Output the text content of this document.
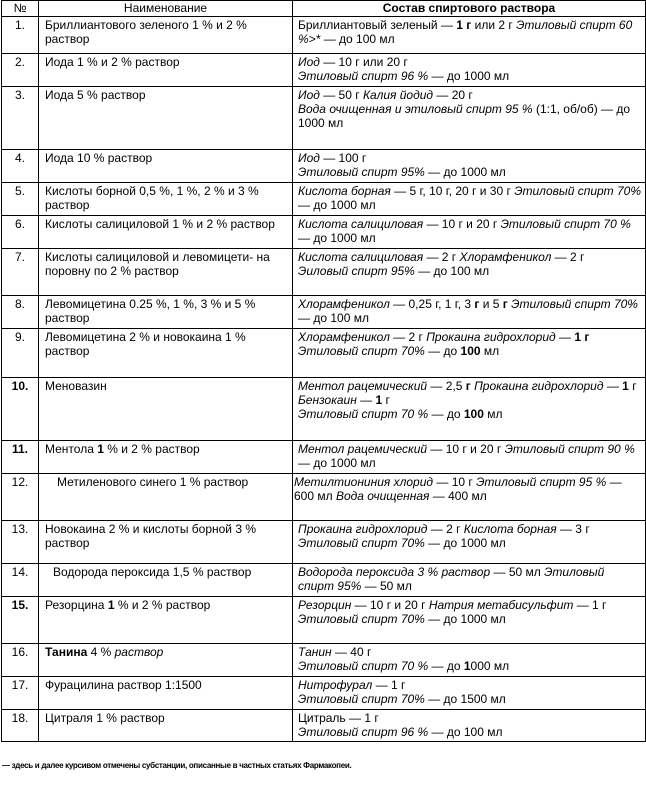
№	Наименование	Состав спиртового раствора
1.	Бриллиантового зеленого 1 % и 2 % раствор	Бриллиантовый зеленый — 1 г или 2 г Этиловый спирт 60 %>* — до 100 мл
2.	Иода 1 % и 2 % раствор	Иод — 10 г или 20 г
Этиловый спирт 96 % — до 1000 мл
3.	Иода 5 % раствор	Иод — 50 г Калия йодид — 20 г
Вода очищенная и этиловый спирт 95 % (1:1, об/об) — до 1000 мл
4.	Иода 10 % раствор	Иод — 100 г
Этиловый спирт 95% — до 1000 мл
5.	Кислоты борной 0,5 %, 1 %, 2 % и 3 % раствор	Кислота борная — 5 г, 10 г, 20 г и 30 г Этиловый спирт 70% — до 1000 мл
6.	Кислоты салициловой 1 % и 2 % раствор	Кислота салициловая — 10 г и 20 г Этиловый спирт 70 % — до 1000 мл
7.	Кислоты салициловой и левомицети- на поровну по 2 % раствор	Кислота салициловая — 2 г Хлорамфеникол — 2 г
Эиловый спирт 95% — до 100 мл
8.	Левомицетина 0.25 %, 1 %, 3 % и 5 % раствор	Хлорамфеникол — 0,25 г, 1 г, 3 г и 5 г Этиловый спирт 70% — до 100 мл
9.	Левомицетина 2 % и новокаина 1 % раствор	Хлорамфеникол — 2 г Прокаина гидрохлорид — 1 г
Этиловый спирт 70% — до 100 мл
10.	Меновазин	Ментол рацемический — 2,5 г Прокаина гидрохлорид — 1 г Бензокаин — 1 г
Этиловый спирт 70 % — до 100 мл
11.	Ментола 1 % и 2 % раствор	Ментол рацемический — 10 г и 20 г Этиловый спирт 90 % — до 1000 мл
12.	Метиленового синего 1 % раствор	Метилтиониния хлорид — 10 г Этиловый спирт 95 % — 600 мл Вода очищенная — 400 мл
13.	Новокаина 2 % и кислоты борной 3 % раствор	Прокаина гидрохлорид — 2 г Кислота борная — 3 г
Этиловый спирт 70% — до 1000 мл
14.	Водорода пероксида 1,5 % раствор	Водорода пероксида 3 % раствор — 50 мл Этиловый спирт 95% — 50 мл
15.	Резорцина 1 % и 2 % раствор	Резорцин — 10 г и 20 г Натрия метабисульфит — 1 г
Этиловый спирт 70% — до 1000 мл
16.	Танина 4 % раствор	Танин — 40 г
Этиловый спирт 70 % — до 1000 мл
17.	Фурацилина раствор 1:1500	Нитрофурал — 1 г
Этиловый спирт 70% — до 1500 мл
18.	Цитраля 1 % раствор	Цитраль — 1 г
Этиловый спирт 96 % — до 100 мл
— здесь и далее курсивом отмечены субстанции, описанные в частных статьях Фармакопеи.
